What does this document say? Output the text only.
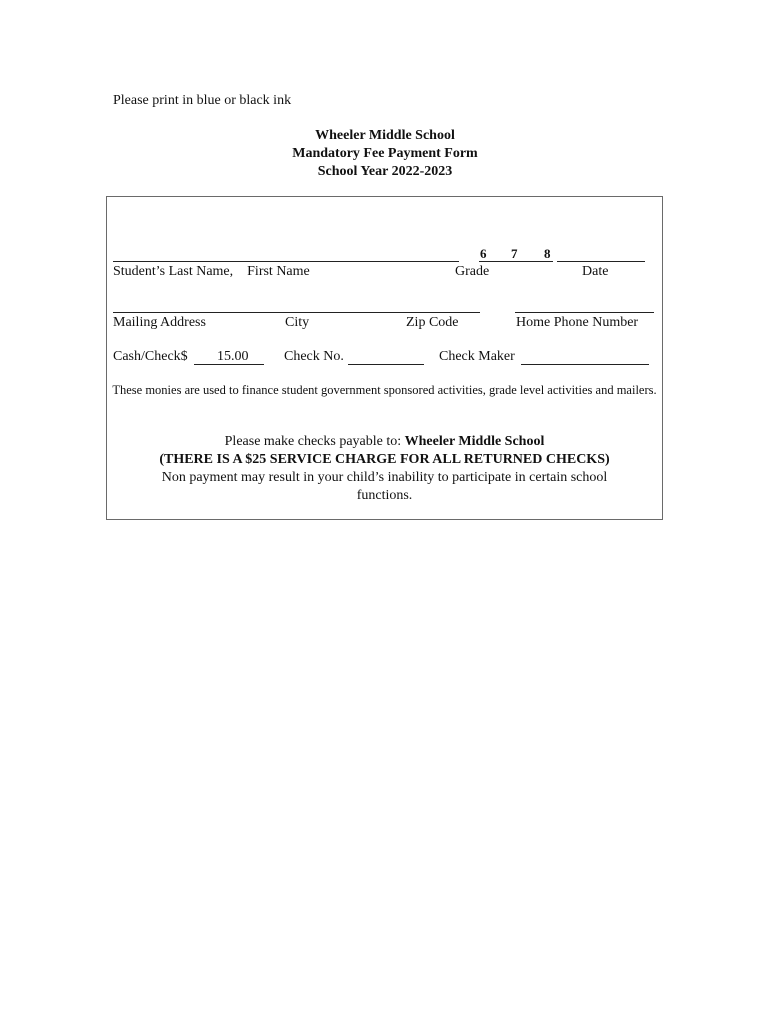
Please print in blue or black ink
Wheeler Middle School
Mandatory Fee Payment Form
School Year 2022-2023
6 7 8
Student’s Last Name,    First Name	Grade	Date
Mailing Address	City	Zip Code	Home Phone Number
Cash/Check$ 15.00	Check No.	Check Maker
These monies are used to finance student government sponsored activities, grade level activities and mailers.
Please make checks payable to: Wheeler Middle School
(THERE IS A $25 SERVICE CHARGE FOR ALL RETURNED CHECKS)
Non payment may result in your child’s inability to participate in certain school functions.
